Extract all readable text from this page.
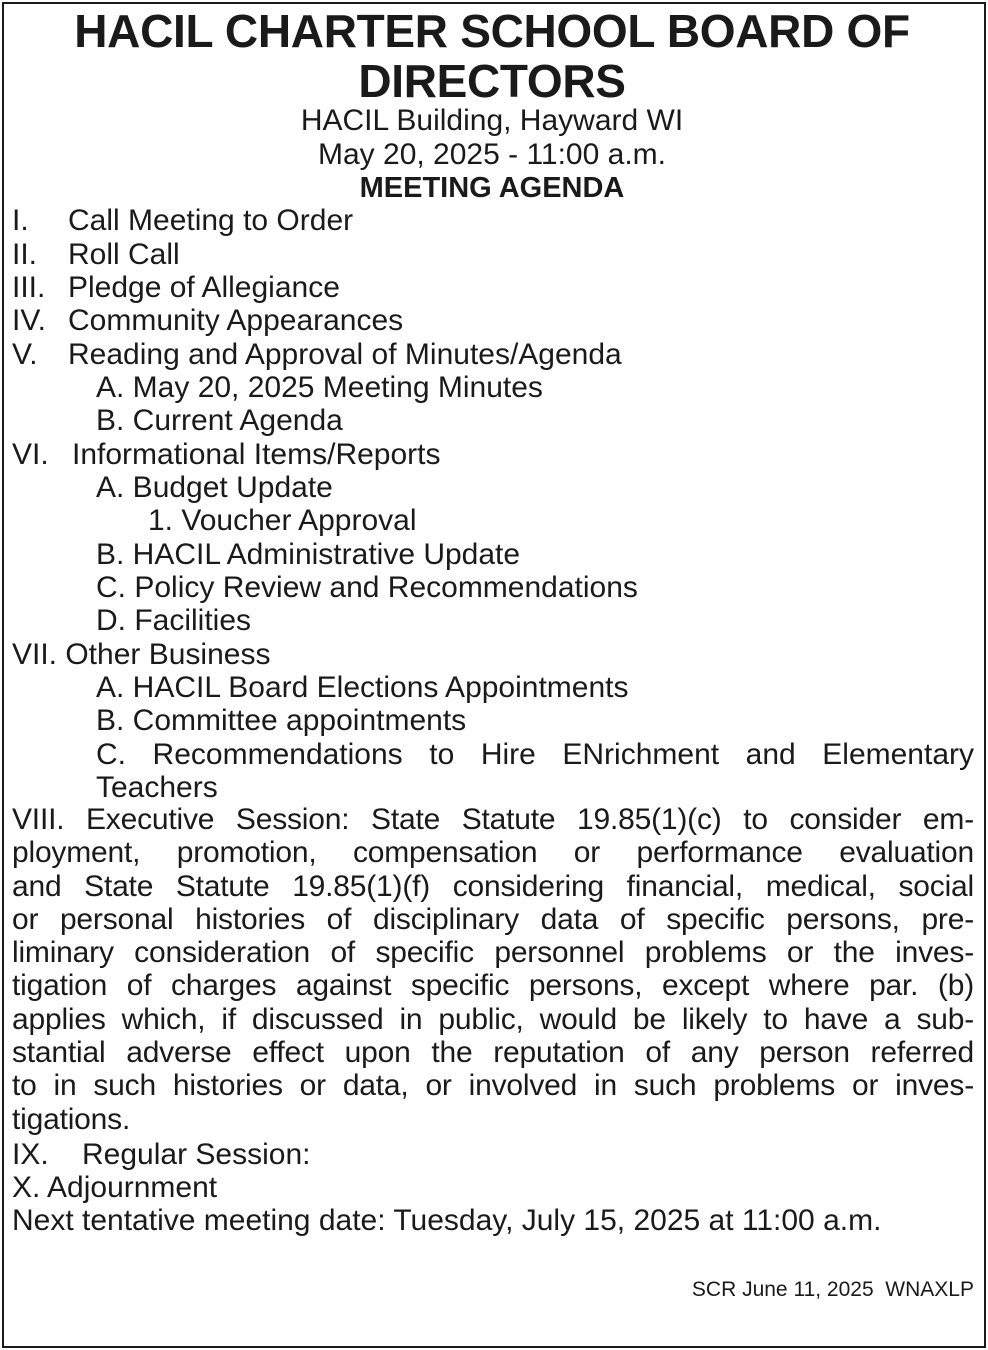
HACIL CHARTER SCHOOL BOARD OF
DIRECTORS
HACIL Building, Hayward WI
May 20, 2025 - 11:00 a.m.
MEETING AGENDA
I. Call Meeting to Order
II. Roll Call
III. Pledge of Allegiance
IV. Community Appearances
V. Reading and Approval of Minutes/Agenda
A. May 20, 2025 Meeting Minutes
B. Current Agenda
VI. Informational Items/Reports
A. Budget Update
1. Voucher Approval
B. HACIL Administrative Update
C. Policy Review and Recommendations
D. Facilities
VII. Other Business
A. HACIL Board Elections Appointments
B. Committee appointments
C. Recommendations to Hire ENrichment and Elementary
Teachers
VIII. Executive Session: State Statute 19.85(1)(c) to consider em-
ployment, promotion, compensation or performance evaluation
and State Statute 19.85(1)(f) considering financial, medical, social
or personal histories of disciplinary data of specific persons, pre-
liminary consideration of specific personnel problems or the inves-
tigation of charges against specific persons, except where par. (b)
applies which, if discussed in public, would be likely to have a sub-
stantial adverse effect upon the reputation of any person referred
to in such histories or data, or involved in such problems or inves-
tigations.
IX. Regular Session:
X. Adjournment
Next tentative meeting date: Tuesday, July 15, 2025 at 11:00 a.m.
SCR June 11, 2025  WNAXLP
